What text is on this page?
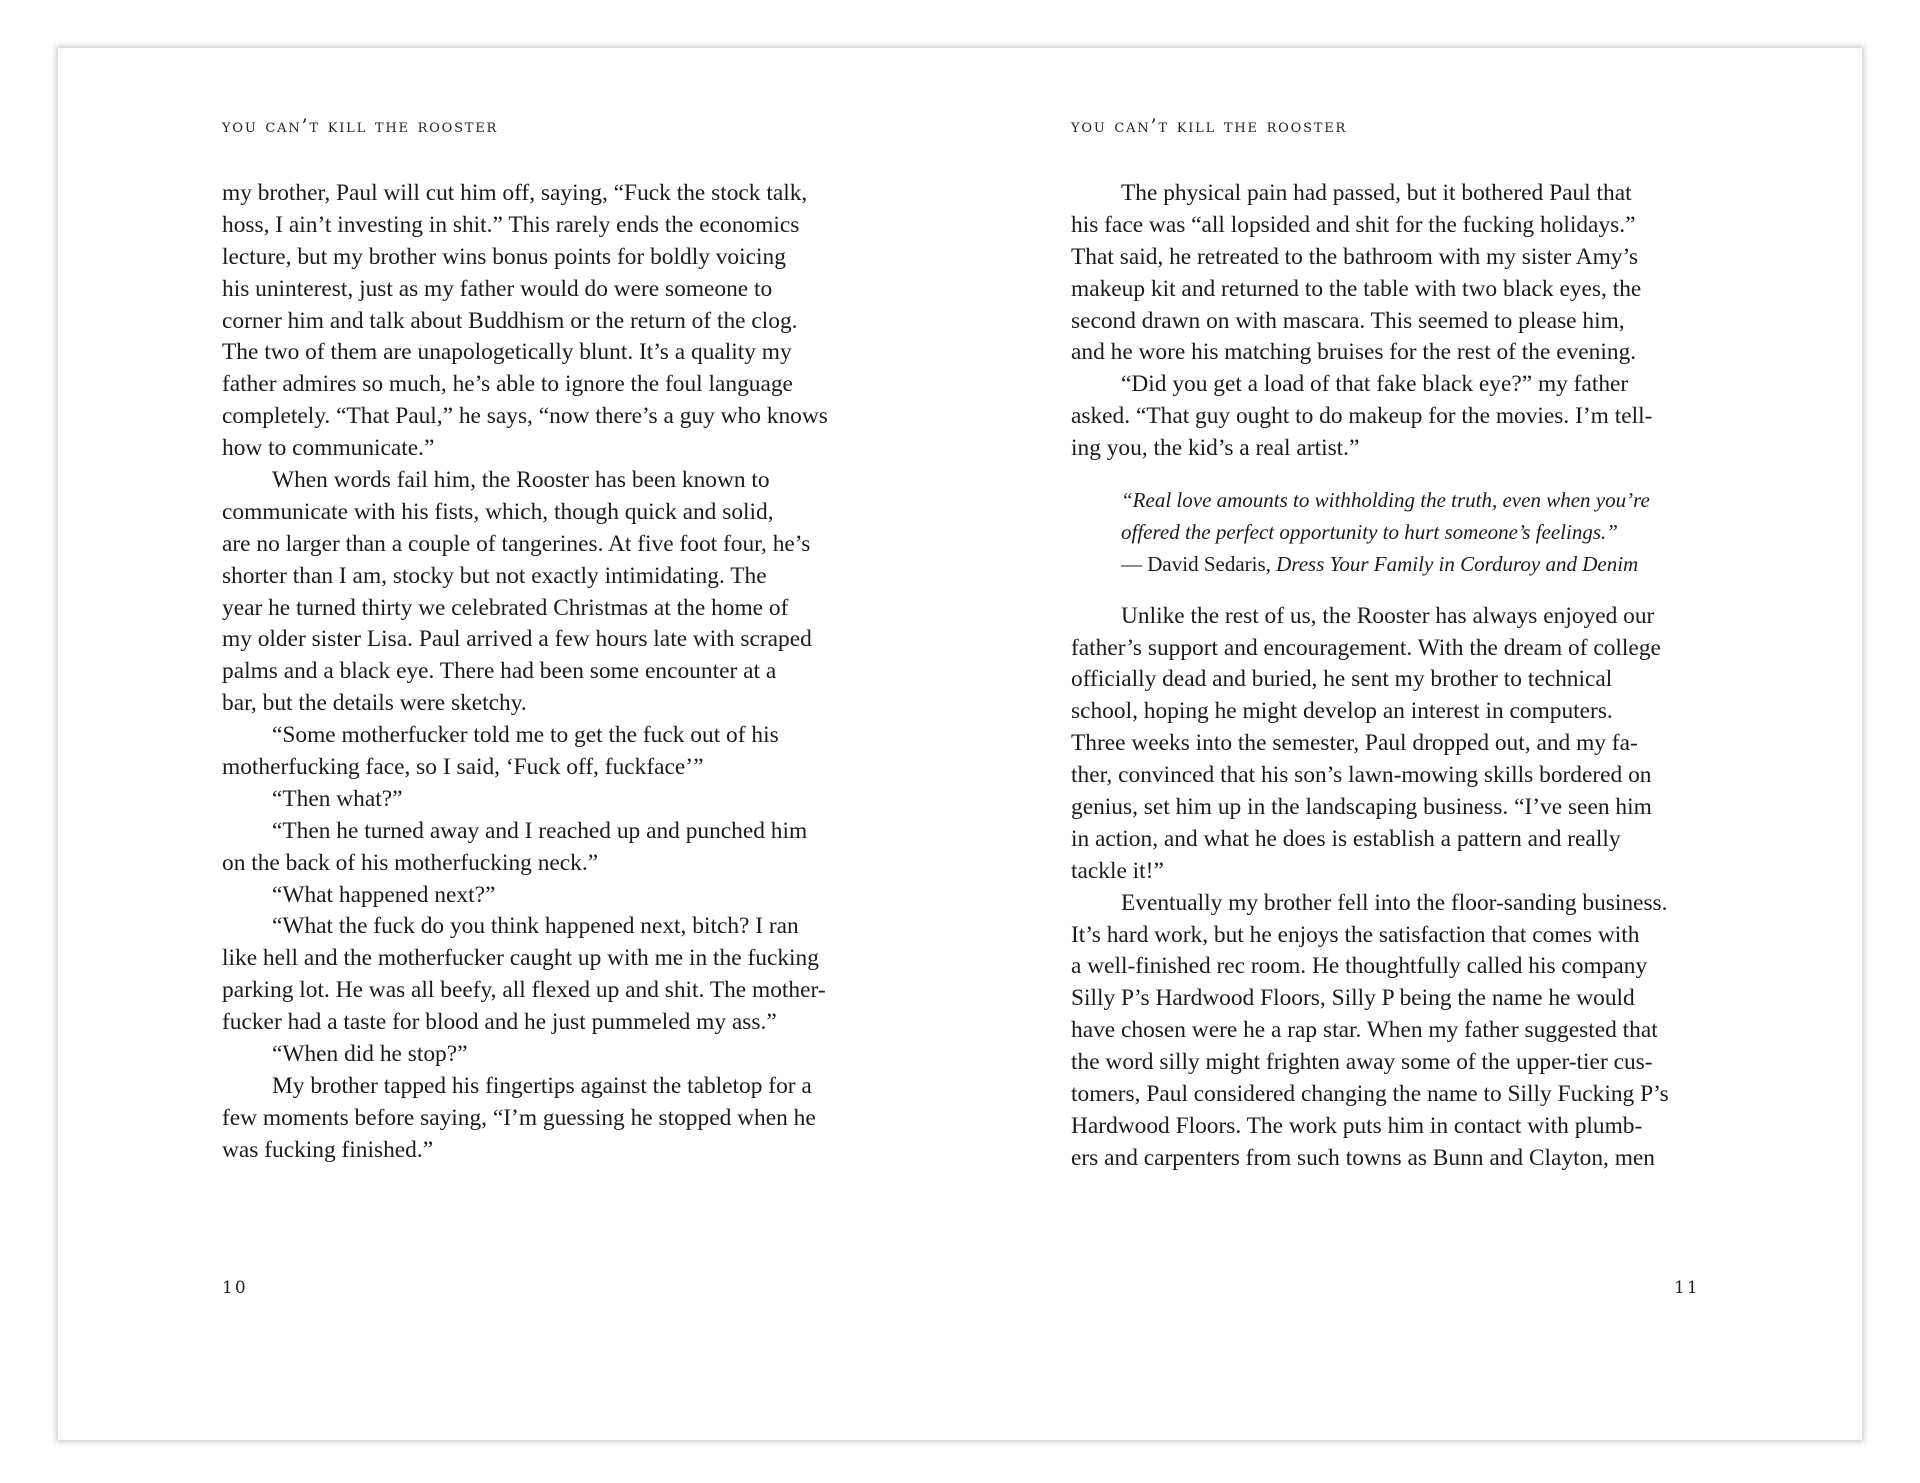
you can’t kill the rooster
my brother, Paul will cut him off, saying, “Fuck the stock talk,
hoss, I ain’t investing in shit.” This rarely ends the economics
lecture, but my brother wins bonus points for boldly voicing
his uninterest, just as my father would do were someone to
corner him and talk about Buddhism or the return of the clog.
The two of them are unapologetically blunt. It’s a quality my
father admires so much, he’s able to ignore the foul language
completely. “That Paul,” he says, “now there’s a guy who knows
how to communicate.”
When words fail him, the Rooster has been known to
communicate with his fists, which, though quick and solid,
are no larger than a couple of tangerines. At five foot four, he’s
shorter than I am, stocky but not exactly intimidating. The
year he turned thirty we celebrated Christmas at the home of
my older sister Lisa. Paul arrived a few hours late with scraped
palms and a black eye. There had been some encounter at a
bar, but the details were sketchy.
“Some motherfucker told me to get the fuck out of his
motherfucking face, so I said, ‘Fuck off, fuckface’”
“Then what?”
“Then he turned away and I reached up and punched him
on the back of his motherfucking neck.”
“What happened next?”
“What the fuck do you think happened next, bitch? I ran
like hell and the motherfucker caught up with me in the fucking
parking lot. He was all beefy, all flexed up and shit. The mother-
fucker had a taste for blood and he just pummeled my ass.”
“When did he stop?”
My brother tapped his fingertips against the tabletop for a
few moments before saying, “I’m guessing he stopped when he
was fucking finished.”
10
you can’t kill the rooster
The physical pain had passed, but it bothered Paul that
his face was “all lopsided and shit for the fucking holidays.”
That said, he retreated to the bathroom with my sister Amy’s
makeup kit and returned to the table with two black eyes, the
second drawn on with mascara. This seemed to please him,
and he wore his matching bruises for the rest of the evening.
“Did you get a load of that fake black eye?” my father
asked. “That guy ought to do makeup for the movies. I’m tell-
ing you, the kid’s a real artist.”
“Real love amounts to withholding the truth, even when you’re
offered the perfect opportunity to hurt someone’s feelings.”
— David Sedaris, Dress Your Family in Corduroy and Denim
Unlike the rest of us, the Rooster has always enjoyed our
father’s support and encouragement. With the dream of college
officially dead and buried, he sent my brother to technical
school, hoping he might develop an interest in computers.
Three weeks into the semester, Paul dropped out, and my fa-
ther, convinced that his son’s lawn-mowing skills bordered on
genius, set him up in the landscaping business. “I’ve seen him
in action, and what he does is establish a pattern and really
tackle it!”
Eventually my brother fell into the floor-sanding business.
It’s hard work, but he enjoys the satisfaction that comes with
a well-finished rec room. He thoughtfully called his company
Silly P’s Hardwood Floors, Silly P being the name he would
have chosen were he a rap star. When my father suggested that
the word silly might frighten away some of the upper-tier cus-
tomers, Paul considered changing the name to Silly Fucking P’s
Hardwood Floors. The work puts him in contact with plumb-
ers and carpenters from such towns as Bunn and Clayton, men
11
